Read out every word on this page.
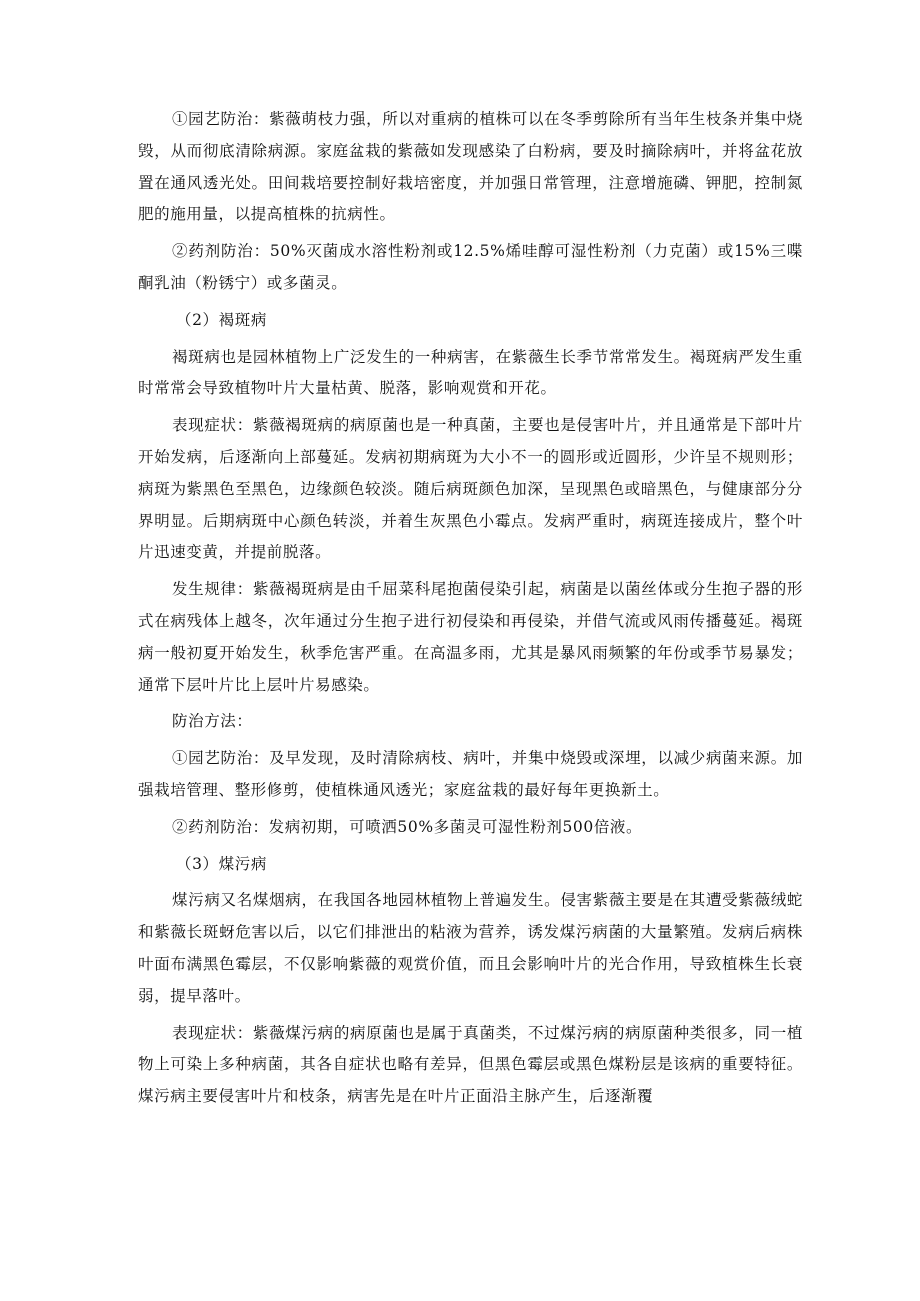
①园艺防治：紫薇萌枝力强，所以对重病的植株可以在冬季剪除所有当年生枝条并集中烧毁，从而彻底清除病源。家庭盆栽的紫薇如发现感染了白粉病，要及时摘除病叶，并将盆花放置在通风透光处。田间栽培要控制好栽培密度，并加强日常管理，注意增施磷、钾肥，控制氮肥的施用量，以提高植株的抗病性。

②药剂防治：50%灭菌成水溶性粉剂或12.5%烯哇醇可湿性粉剂（力克菌）或15%三喋酮乳油（粉锈宁）或多菌灵。

（2）褐斑病

褐斑病也是园林植物上广泛发生的一种病害，在紫薇生长季节常常发生。褐斑病严发生重时常常会导致植物叶片大量枯黄、脱落，影响观赏和开花。

表现症状：紫薇褐斑病的病原菌也是一种真菌，主要也是侵害叶片，并且通常是下部叶片开始发病，后逐渐向上部蔓延。发病初期病斑为大小不一的圆形或近圆形，少许呈不规则形；病斑为紫黑色至黑色，边缘颜色较淡。随后病斑颜色加深，呈现黑色或暗黑色，与健康部分分界明显。后期病斑中心颜色转淡，并着生灰黑色小霉点。发病严重时，病斑连接成片，整个叶片迅速变黄，并提前脱落。

发生规律：紫薇褐斑病是由千屈菜科尾抱菌侵染引起，病菌是以菌丝体或分生抱子器的形式在病残体上越冬，次年通过分生抱子进行初侵染和再侵染，并借气流或风雨传播蔓延。褐斑病一般初夏开始发生，秋季危害严重。在高温多雨，尤其是暴风雨频繁的年份或季节易暴发；通常下层叶片比上层叶片易感染。

防治方法：

①园艺防治：及早发现，及时清除病枝、病叶，并集中烧毁或深埋，以减少病菌来源。加强栽培管理、整形修剪，使植株通风透光；家庭盆栽的最好每年更换新土。

②药剂防治：发病初期，可喷洒50%多菌灵可湿性粉剂500倍液。

（3）煤污病

煤污病又名煤烟病，在我国各地园林植物上普遍发生。侵害紫薇主要是在其遭受紫薇绒蛇和紫薇长斑蚜危害以后，以它们排泄出的粘液为营养，诱发煤污病菌的大量繁殖。发病后病株叶面布满黑色霉层，不仅影响紫薇的观赏价值，而且会影响叶片的光合作用，导致植株生长衰弱，提早落叶。

表现症状：紫薇煤污病的病原菌也是属于真菌类，不过煤污病的病原菌种类很多，同一植物上可染上多种病菌，其各自症状也略有差异，但黑色霉层或黑色煤粉层是该病的重要特征。煤污病主要侵害叶片和枝条，病害先是在叶片正面沿主脉产生，后逐渐覆
